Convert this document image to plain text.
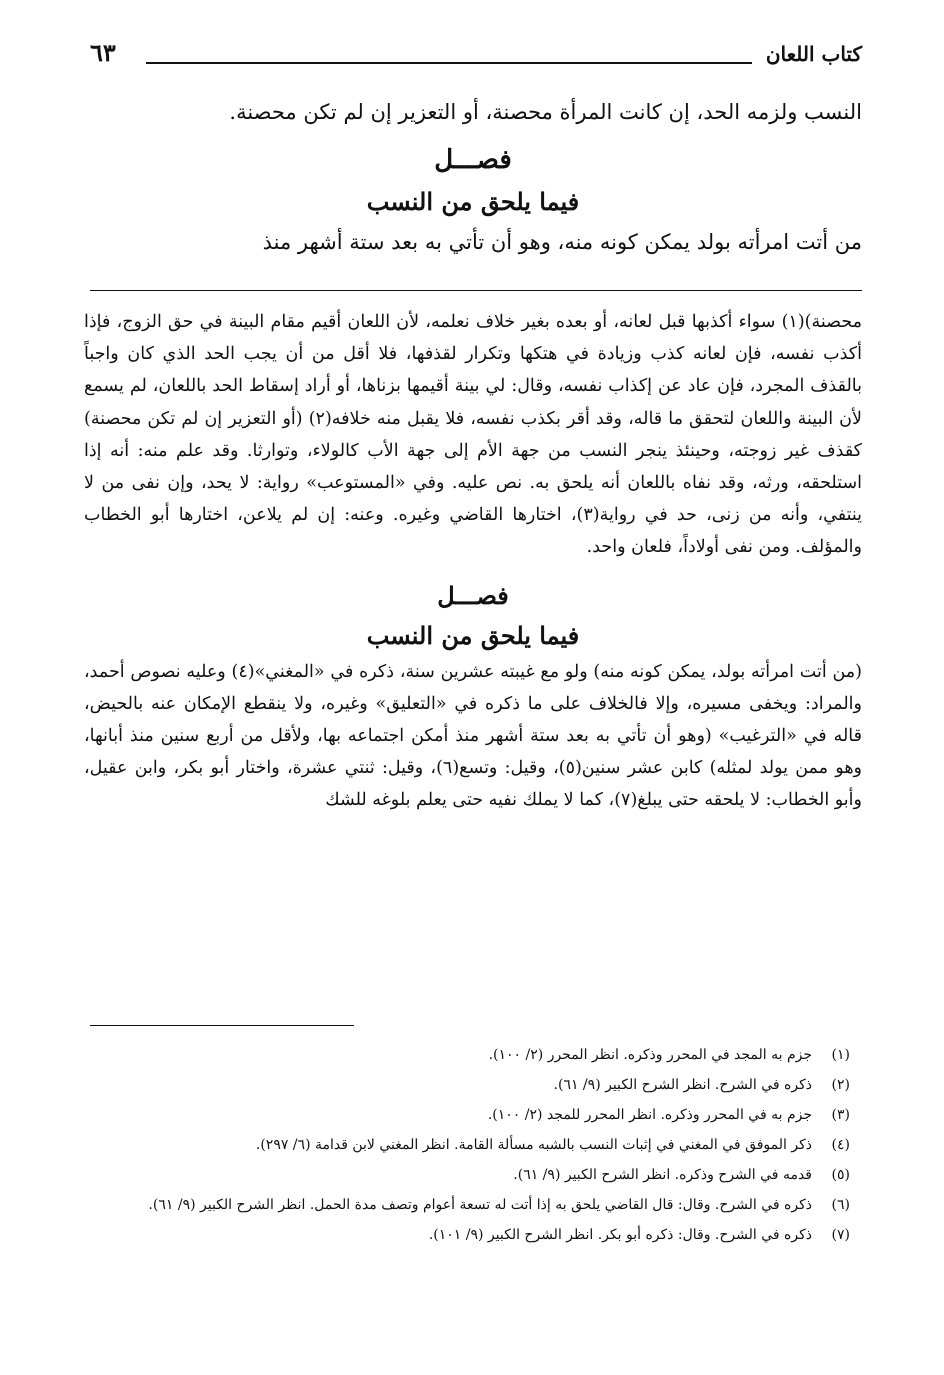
كتاب اللعان
٦٣
النسب ولزمه الحد، إن كانت المرأة محصنة، أو التعزير إن لم تكن محصنة.
فصـــل
فيما يلحق من النسب
من أتت امرأته بولد يمكن كونه منه، وهو أن تأتي به بعد ستة أشهر منذ

محصنة)(١) سواء أكذبها قبل لعانه، أو بعده بغير خلاف نعلمه، لأن اللعان أقيم مقام البينة في حق الزوج، فإذا أكذب نفسه، فإن لعانه كذب وزيادة في هتكها وتكرار لقذفها، فلا أقل من أن يجب الحد الذي كان واجباً بالقذف المجرد، فإن عاد عن إكذاب نفسه، وقال: لي بينة أقيمها بزناها، أو أراد إسقاط الحد باللعان، لم يسمع لأن البينة واللعان لتحقق ما قاله، وقد أقر بكذب نفسه، فلا يقبل منه خلافه(٢) (أو التعزير إن لم تكن محصنة) كقذف غير زوجته، وحينئذ ينجر النسب من جهة الأم إلى جهة الأب كالولاء، وتوارثا. وقد علم منه: أنه إذا استلحقه، ورثه، وقد نفاه باللعان أنه يلحق به. نص عليه. وفي «المستوعب» رواية: لا يحد، وإن نفى من لا ينتفي، وأنه من زنى، حد في رواية(٣)، اختارها القاضي وغيره. وعنه: إن لم يلاعن، اختارها أبو الخطاب والمؤلف. ومن نفى أولاداً، فلعان واحد.

فصـــل
فيما يلحق من النسب

(من أتت امرأته بولد، يمكن كونه منه) ولو مع غيبته عشرين سنة، ذكره في «المغني»(٤) وعليه نصوص أحمد، والمراد: ويخفى مسيره، وإلا فالخلاف على ما ذكره في «التعليق» وغيره، ولا ينقطع الإمكان عنه بالحيض، قاله في «الترغيب» (وهو أن تأتي به بعد ستة أشهر منذ أمكن اجتماعه بها، ولأقل من أربع سنين منذ أبانها، وهو ممن يولد لمثله) كابن عشر سنين(٥)، وقيل: وتسع(٦)، وقيل: ثنتي عشرة، واختار أبو بكر، وابن عقيل، وأبو الخطاب: لا يلحقه حتى يبلغ(٧)، كما لا يملك نفيه حتى يعلم بلوغه للشك

(١)
جزم به المجد في المحرر وذكره. انظر المحرر (٢/ ١٠٠).
(٢)
ذكره في الشرح. انظر الشرح الكبير (٩/ ٦١).
(٣)
جزم به في المحرر وذكره. انظر المحرر للمجد (٢/ ١٠٠).
(٤)
ذكر الموفق في المغني في إثبات النسب بالشبه مسألة القامة. انظر المغني لابن قدامة (٦/ ٢٩٧).
(٥)
قدمه في الشرح وذكره. انظر الشرح الكبير (٩/ ٦١).
(٦)
ذكره في الشرح. وقال: قال القاضي يلحق به إذا أتت له تسعة أعوام وتصف مدة الحمل. انظر الشرح الكبير (٩/ ٦١).
(٧)
ذكره في الشرح. وقال: ذكره أبو بكر. انظر الشرح الكبير (٩/ ١٠١).
